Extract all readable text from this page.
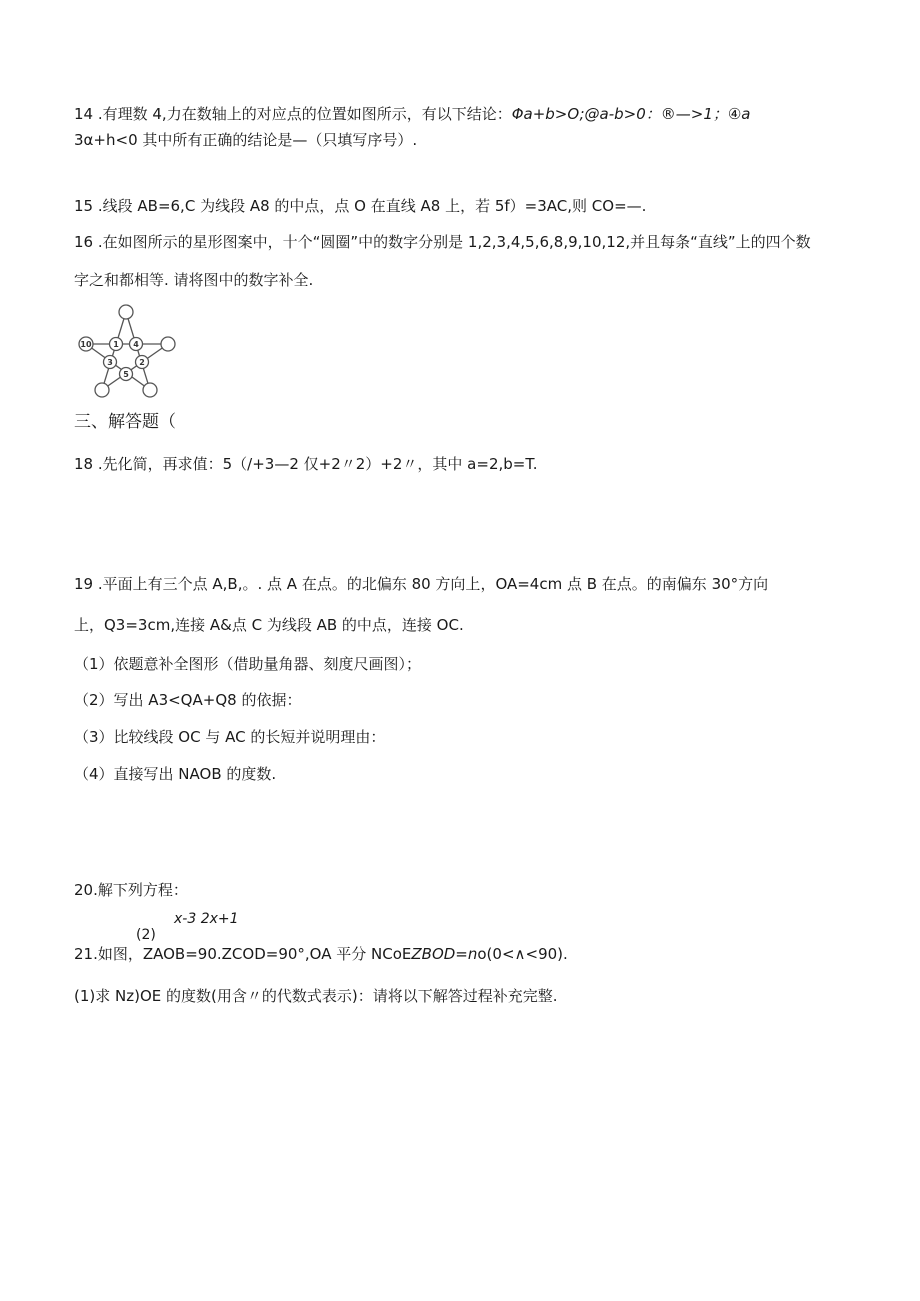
14 .有理数 4,力在数轴上的对应点的位置如图所示，有以下结论：Φa+b>O;@a-b>0：®—>1；④a
3α+h<0 其中所有正确的结论是—（只填写序号）.
15 .线段 AB=6,C 为线段 A8 的中点，点 O 在直线 A8 上，若 5f）=3AC,则 CO=—.
16 .在如图所示的星形图案中，十个“圆圈”中的数字分别是 1,2,3,4,5,6,8,9,10,12,并且每条“直线”上的四个数
字之和都相等. 请将图中的数字补全.
10	1 4
3	2
5
三、解答题（
18 .先化简，再求值：5（/+3—2 仅+2〃2）+2〃，其中 a=2,b=T.
19 .平面上有三个点 A,B,。. 点 A 在点。的北偏东 80 方向上，OA=4cm 点 B 在点。的南偏东 30°方向
上，Q3=3cm,连接 A&点 C 为线段 AB 的中点，连接 OC.
（1）依题意补全图形（借助量角器、刻度尺画图）；
（2）写出 A3<QA+Q8 的依据：
（3）比较线段 OC 与 AC 的长短并说明理由：
（4）直接写出 NAOB 的度数.
20.解下列方程：
x-3 2x+1
(2)
21.如图，ZAOB=90.ZCOD=90°,OA 平分 NCoEZBOD=no(0<∧<90).
(1)求 Nz)OE 的度数(用含〃的代数式表示)：请将以下解答过程补充完整.
